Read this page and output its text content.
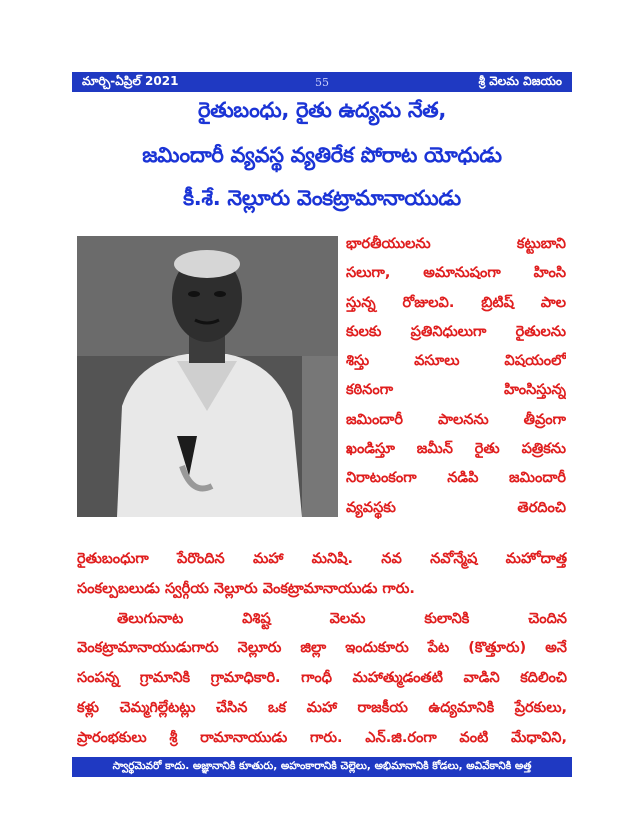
మార్చి-ఏప్రిల్ 2021	55	శ్రీ వెలమ విజయం
రైతుబంధు, రైతు ఉద్యమ నేత,
జమిందారీ వ్యవస్థ వ్యతిరేక పోరాట యోధుడు
కీ.శే. నెల్లూరు వెంకట్రామానాయుడు
భారతీయులను కట్టుబాని
సలుగా, అమానుషంగా హింసి
స్తున్న రోజులవి. బ్రిటిష్ పాల
కులకు ప్రతినిధులుగా రైతులను
శిస్తు వసూలు విషయంలో
కఠినంగా హింసిస్తున్న
జమిందారీ పాలనను తీవ్రంగా
ఖండిస్తూ జమీన్ రైతు పత్రికను
నిరాటంకంగా నడిపి జమిందారీ
వ్యవస్థకు తెరదించి
రైతుబంధుగా పేరొందిన మహా మనిషి. నవ నవోన్మేష మహోదాత్త
సంకల్పబలుడు స్వర్గీయ నెల్లూరు వెంకట్రామానాయుడు గారు.
తెలుగునాట విశిష్ట వెలమ కులానికి చెందిన
వెంకట్రామానాయుడుగారు నెల్లూరు జిల్లా ఇందుకూరు పేట (కొత్తూరు) అనే
సంపన్న గ్రామానికి గ్రామాధికారి. గాంధీ మహాత్ముడంతటి వాడిని కదిలించి
కళ్లు చెమ్మగిల్లేటట్లు చేసిన ఒక మహా రాజకీయ ఉద్యమానికి ప్రేరకులు,
ప్రారంభకులు శ్రీ రామానాయుడు గారు. ఎన్.జి.రంగా వంటి మేధావిని,
స్వార్థమెవరో కాదు. అజ్ఞానానికి కూతురు, అహంకారానికి చెల్లెలు, అభిమానానికి కోడలు, అవివేకానికి అత్త
